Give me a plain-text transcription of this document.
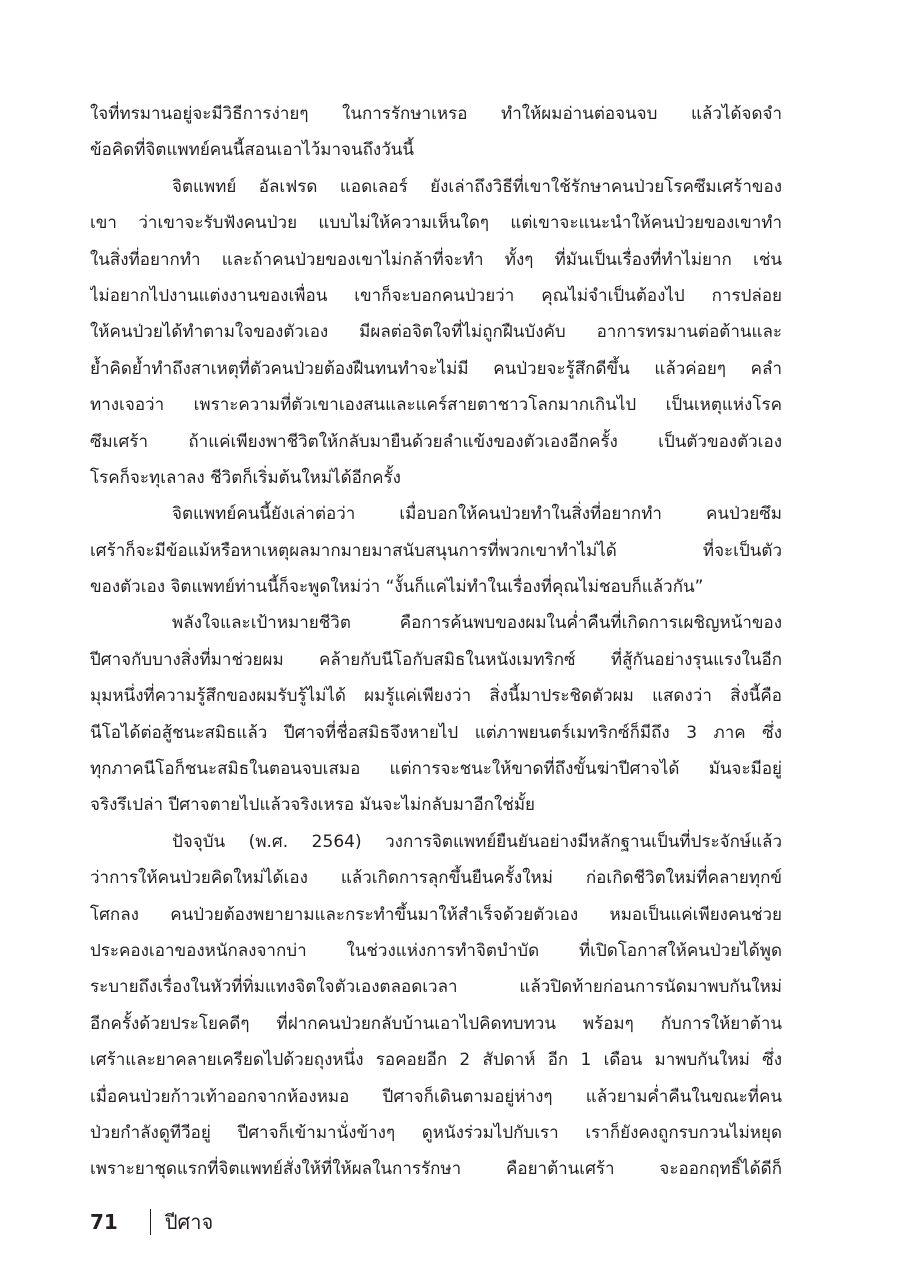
ใจที่ทรมานอยู่จะมีวิธีการง่ายๆ ในการรักษาเหรอ ทำให้ผมอ่านต่อจนจบ แล้วได้จดจำ
ข้อคิดที่จิตแพทย์คนนี้สอนเอาไว้มาจนถึงวันนี้
จิตแพทย์ อัลเฟรด แอดเลอร์ ยังเล่าถึงวิธีที่เขาใช้รักษาคนป่วยโรคซึมเศร้าของ
เขา ว่าเขาจะรับฟังคนป่วย แบบไม่ให้ความเห็นใดๆ แต่เขาจะแนะนำให้คนป่วยของเขาทำ
ในสิ่งที่อยากทำ และถ้าคนป่วยของเขาไม่กล้าที่จะทำ ทั้งๆ ที่มันเป็นเรื่องที่ทำไม่ยาก เช่น
ไม่อยากไปงานแต่งงานของเพื่อน เขาก็จะบอกคนป่วยว่า คุณไม่จำเป็นต้องไป การปล่อย
ให้คนป่วยได้ทำตามใจของตัวเอง มีผลต่อจิตใจที่ไม่ถูกฝืนบังคับ อาการทรมานต่อต้านและ
ย้ำคิดย้ำทำถึงสาเหตุที่ตัวคนป่วยต้องฝืนทนทำจะไม่มี คนป่วยจะรู้สึกดีขึ้น แล้วค่อยๆ คลำ
ทางเจอว่า เพราะความที่ตัวเขาเองสนและแคร์สายตาชาวโลกมากเกินไป เป็นเหตุแห่งโรค
ซึมเศร้า ถ้าแค่เพียงพาชีวิตให้กลับมายืนด้วยลำแข้งของตัวเองอีกครั้ง เป็นตัวของตัวเอง
โรคก็จะทุเลาลง ชีวิตก็เริ่มต้นใหม่ได้อีกครั้ง
จิตแพทย์คนนี้ยังเล่าต่อว่า เมื่อบอกให้คนป่วยทำในสิ่งที่อยากทำ คนป่วยซึม
เศร้าก็จะมีข้อแม้หรือหาเหตุผลมากมายมาสนับสนุนการที่พวกเขาทำไม่ได้ ที่จะเป็นตัว
ของตัวเอง จิตแพทย์ท่านนี้ก็จะพูดใหม่ว่า “งั้นก็แค่ไม่ทำในเรื่องที่คุณไม่ชอบก็แล้วกัน”
พลังใจและเป้าหมายชีวิต คือการค้นพบของผมในค่ำคืนที่เกิดการเผชิญหน้าของ
ปีศาจกับบางสิ่งที่มาช่วยผม คล้ายกับนีโอกับสมิธในหนังเมทริกซ์ ที่สู้กันอย่างรุนแรงในอีก
มุมหนึ่งที่ความรู้สึกของผมรับรู้ไม่ได้ ผมรู้แค่เพียงว่า สิ่งนี้มาประชิดตัวผม แสดงว่า สิ่งนี้คือ
นีโอได้ต่อสู้ชนะสมิธแล้ว ปีศาจที่ชื่อสมิธจึงหายไป แต่ภาพยนตร์เมทริกซ์ก็มีถึง 3 ภาค ซึ่ง
ทุกภาคนีโอก็ชนะสมิธในตอนจบเสมอ แต่การจะชนะให้ขาดที่ถึงขั้นฆ่าปีศาจได้ มันจะมีอยู่
จริงรึเปล่า ปีศาจตายไปแล้วจริงเหรอ มันจะไม่กลับมาอีกใช่มั้ย
ปัจจุบัน (พ.ศ. 2564) วงการจิตแพทย์ยืนยันอย่างมีหลักฐานเป็นที่ประจักษ์แล้ว
ว่าการให้คนป่วยคิดใหม่ได้เอง แล้วเกิดการลุกขึ้นยืนครั้งใหม่ ก่อเกิดชีวิตใหม่ที่คลายทุกข์
โศกลง คนป่วยต้องพยายามและกระทำขึ้นมาให้สำเร็จด้วยตัวเอง หมอเป็นแค่เพียงคนช่วย
ประคองเอาของหนักลงจากบ่า ในช่วงแห่งการทำจิตบำบัด ที่เปิดโอกาสให้คนป่วยได้พูด
ระบายถึงเรื่องในหัวที่ทิ่มแทงจิตใจตัวเองตลอดเวลา แล้วปิดท้ายก่อนการนัดมาพบกันใหม่
อีกครั้งด้วยประโยคดีๆ ที่ฝากคนป่วยกลับบ้านเอาไปคิดทบทวน พร้อมๆ กับการให้ยาต้าน
เศร้าและยาคลายเครียดไปด้วยถุงหนึ่ง รอคอยอีก 2 สัปดาห์ อีก 1 เดือน มาพบกันใหม่ ซึ่ง
เมื่อคนป่วยก้าวเท้าออกจากห้องหมอ ปีศาจก็เดินตามอยู่ห่างๆ แล้วยามค่ำคืนในขณะที่คน
ป่วยกำลังดูทีวีอยู่ ปีศาจก็เข้ามานั่งข้างๆ ดูหนังร่วมไปกับเรา เราก็ยังคงถูกรบกวนไม่หยุด
เพราะยาชุดแรกที่จิตแพทย์สั่งให้ที่ให้ผลในการรักษา คือยาต้านเศร้า จะออกฤทธิ์ได้ดีก็
71 ปีศาจ
